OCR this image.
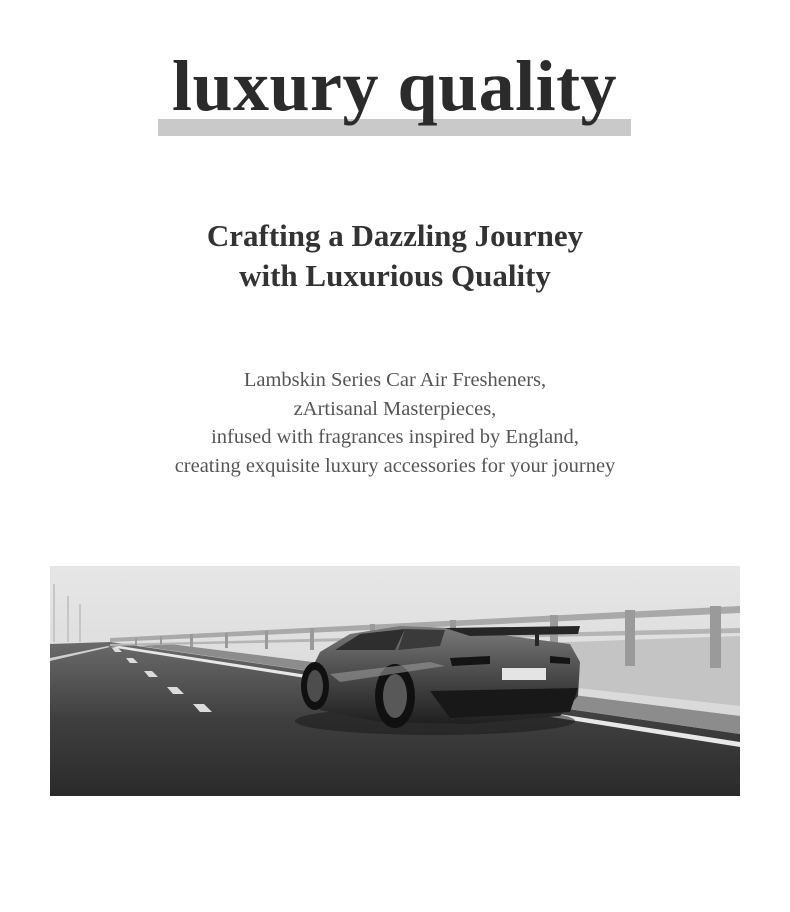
luxury quality
Crafting a Dazzling Journey
with Luxurious Quality
Lambskin Series Car Air Fresheners,
zArtisanal Masterpieces,
infused with fragrances inspired by England,
creating exquisite luxury accessories for your journey
